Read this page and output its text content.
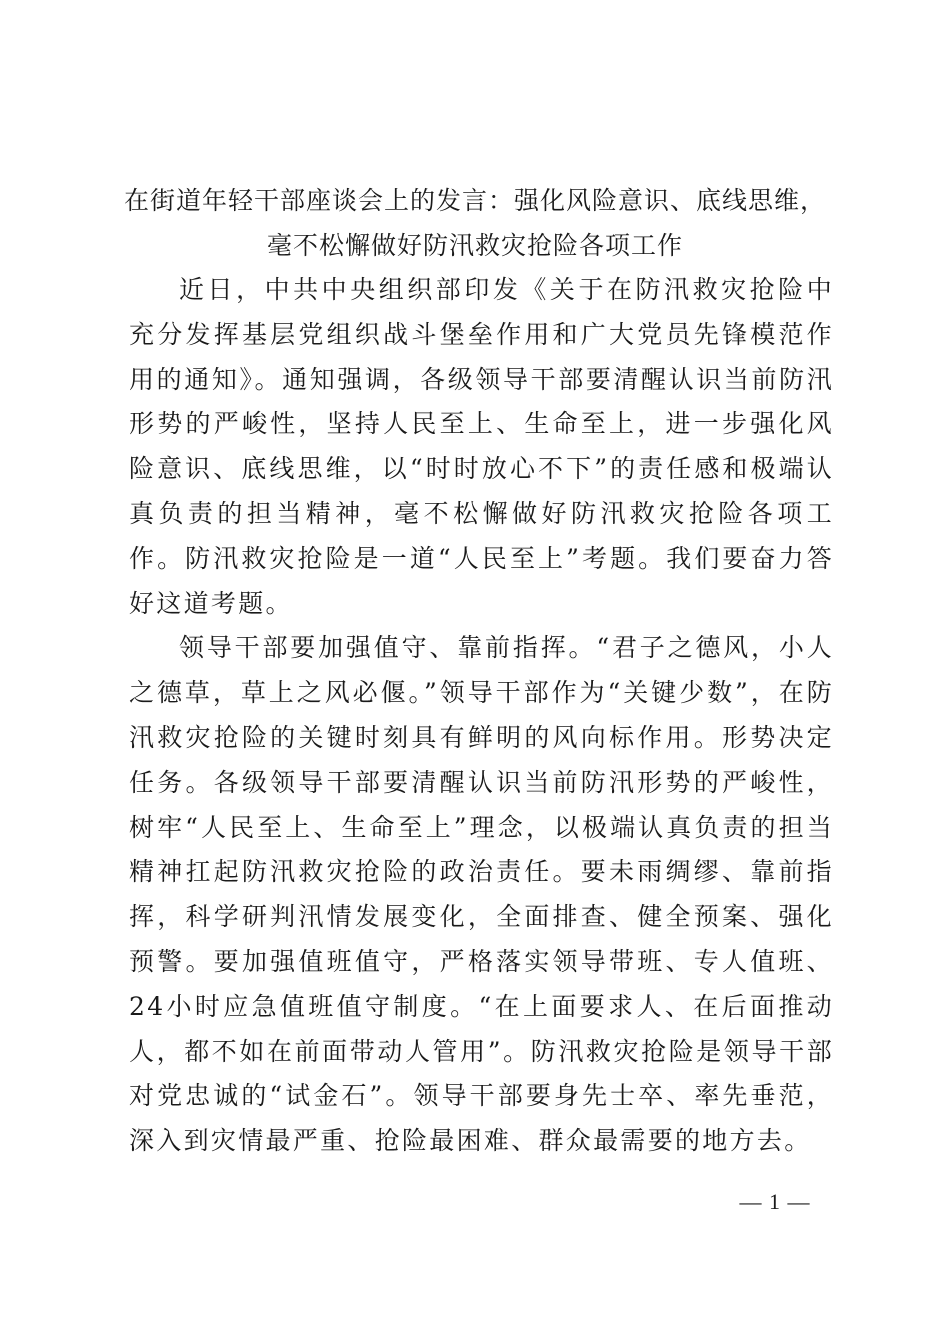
在街道年轻干部座谈会上的发言：强化风险意识、底线思维，
毫不松懈做好防汛救灾抢险各项工作

近日，中共中央组织部印发《关于在防汛救灾抢险中充分发挥基层党组织战斗堡垒作用和广大党员先锋模范作用的通知》。通知强调，各级领导干部要清醒认识当前防汛形势的严峻性，坚持人民至上、生命至上，进一步强化风险意识、底线思维，以“时时放心不下”的责任感和极端认真负责的担当精神，毫不松懈做好防汛救灾抢险各项工作。防汛救灾抢险是一道“人民至上”考题。我们要奋力答好这道考题。

领导干部要加强值守、靠前指挥。“君子之德风，小人之德草，草上之风必偃。”领导干部作为“关键少数”，在防汛救灾抢险的关键时刻具有鲜明的风向标作用。形势决定任务。各级领导干部要清醒认识当前防汛形势的严峻性，树牢“人民至上、生命至上”理念，以极端认真负责的担当精神扛起防汛救灾抢险的政治责任。要未雨绸缪、靠前指挥，科学研判汛情发展变化，全面排查、健全预案、强化预警。要加强值班值守，严格落实领导带班、专人值班、24小时应急值班值守制度。“在上面要求人、在后面推动人，都不如在前面带动人管用”。防汛救灾抢险是领导干部对党忠诚的“试金石”。领导干部要身先士卒、率先垂范，深入到灾情最严重、抢险最困难、群众最需要的地方去。

— 1 —
